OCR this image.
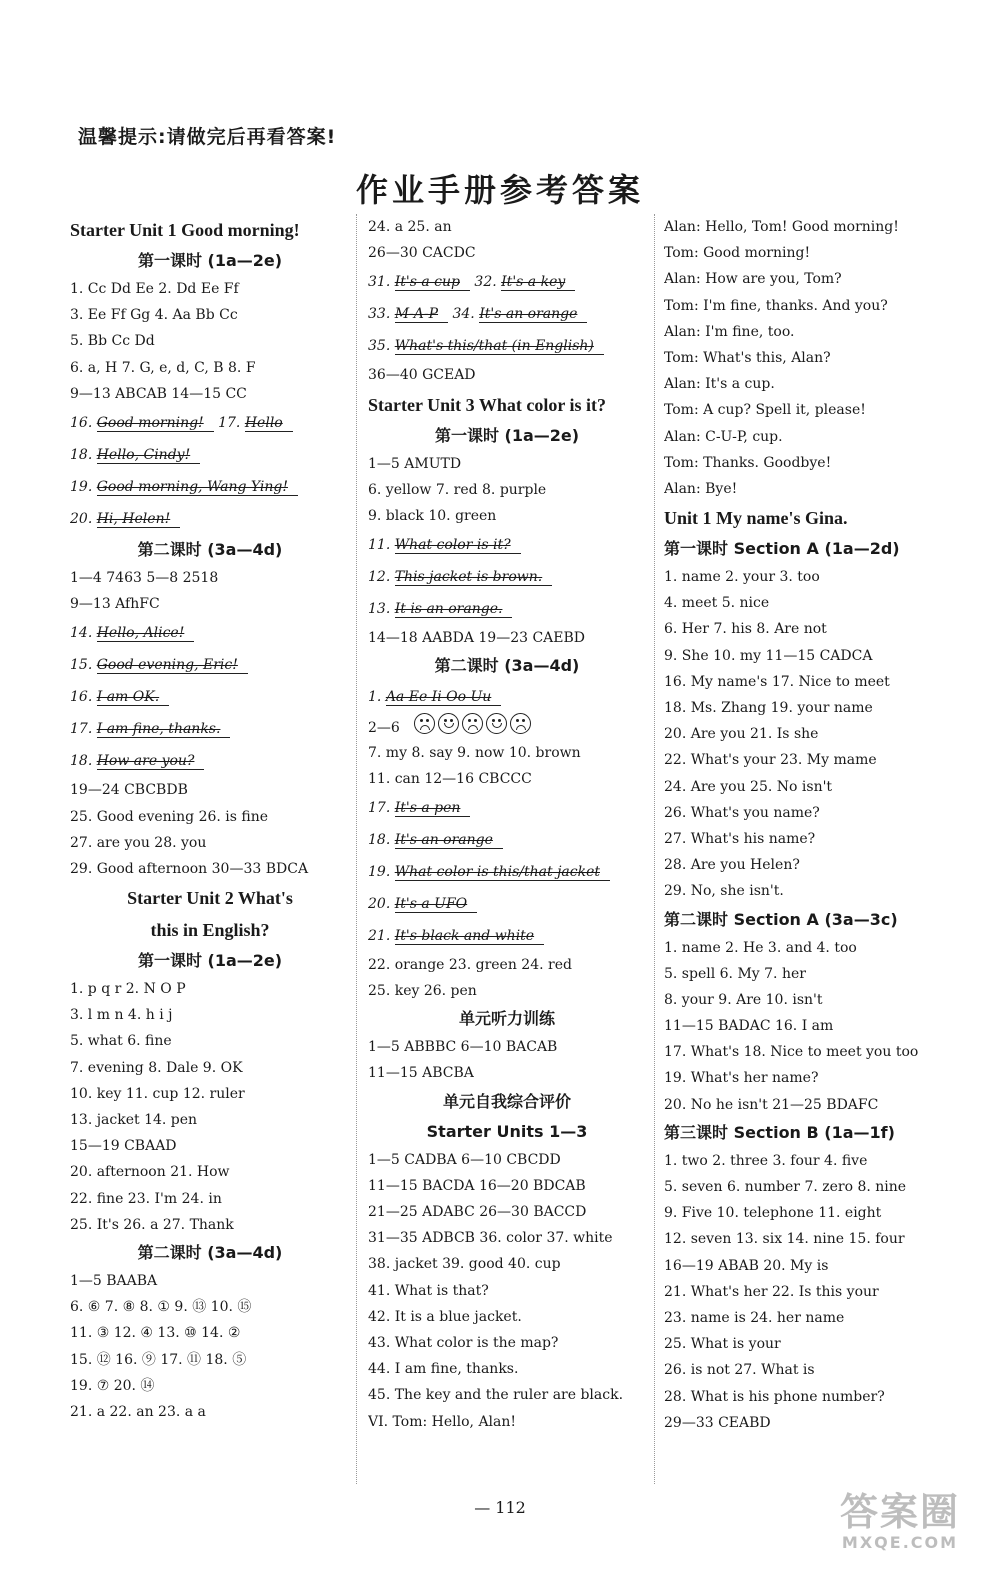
温馨提示:请做完后再看答案!
作业手册参考答案
Starter Unit 1 Good morning!
第一课时 (1a—2e)
1. Cc Dd Ee 2. Dd Ee Ff
3. Ee Ff Gg 4. Aa Bb Cc
5. Bb Cc Dd
6. a, H 7. G, e, d, C, B 8. F
9—13 ABCAB 14—15 CC
16. Good morning! 17. Hello
18. Hello, Cindy!
19. Good morning, Wang Ying!
20. Hi, Helen!
第二课时 (3a—4d)
1—4 7463 5—8 2518
9—13 AfhFC
14. Hello, Alice!
15. Good evening, Eric!
16. I am OK.
17. I am fine, thanks.
18. How are you?
19—24 CBCBDB
25. Good evening 26. is fine
27. are you 28. you
29. Good afternoon 30—33 BDCA
Starter Unit 2 What's
this in English?
第一课时 (1a—2e)
1. p q r 2. N O P
3. l m n 4. h i j
5. what 6. fine
7. evening 8. Dale 9. OK
10. key 11. cup 12. ruler
13. jacket 14. pen
15—19 CBAAD
20. afternoon 21. How
22. fine 23. I'm 24. in
25. It's 26. a 27. Thank
第二课时 (3a—4d)
1—5 BAABA
6. ⑥ 7. ⑧ 8. ① 9. ⑬ 10. ⑮
11. ③ 12. ④ 13. ⑩ 14. ②
15. ⑫ 16. ⑨ 17. ⑪ 18. ⑤
19. ⑦ 20. ⑭
21. a 22. an 23. a a
24. a 25. an
26—30 CACDC
31. It's a cup 32. It's a key
33. M-A-P 34. It's an orange
35. What's this/that (in English)
36—40 GCEAD
Starter Unit 3 What color is it?
第一课时 (1a—2e)
1—5 AMUTD
6. yellow 7. red 8. purple
9. black 10. green
11. What color is it?
12. This jacket is brown.
13. It is an orange.
14—18 AABDA 19—23 CAEBD
第二课时 (3a—4d)
1. Aa Ee Ii Oo Uu
2—6
7. my 8. say 9. now 10. brown
11. can 12—16 CBCCC
17. It's a pen
18. It's an orange
19. What color is this/that jacket
20. It's a UFO
21. It's black and white
22. orange 23. green 24. red
25. key 26. pen
单元听力训练
1—5 ABBBC 6—10 BACAB
11—15 ABCBA
单元自我综合评价
Starter Units 1—3
1—5 CADBA 6—10 CBCDD
11—15 BACDA 16—20 BDCAB
21—25 ADABC 26—30 BACCD
31—35 ADBCB 36. color 37. white
38. jacket 39. good 40. cup
41. What is that?
42. It is a blue jacket.
43. What color is the map?
44. I am fine, thanks.
45. The key and the ruler are black.
VI. Tom: Hello, Alan!
Alan: Hello, Tom! Good morning!
Tom: Good morning!
Alan: How are you, Tom?
Tom: I'm fine, thanks. And you?
Alan: I'm fine, too.
Tom: What's this, Alan?
Alan: It's a cup.
Tom: A cup? Spell it, please!
Alan: C-U-P, cup.
Tom: Thanks. Goodbye!
Alan: Bye!
Unit 1 My name's Gina.
第一课时 Section A (1a—2d)
1. name 2. your 3. too
4. meet 5. nice
6. Her 7. his 8. Are not
9. She 10. my 11—15 CADCA
16. My name's 17. Nice to meet
18. Ms. Zhang 19. your name
20. Are you 21. Is she
22. What's your 23. My mame
24. Are you 25. No isn't
26. What's you name?
27. What's his name?
28. Are you Helen?
29. No, she isn't.
第二课时 Section A (3a—3c)
1. name 2. He 3. and 4. too
5. spell 6. My 7. her
8. your 9. Are 10. isn't
11—15 BADAC 16. I am
17. What's 18. Nice to meet you too
19. What's her name?
20. No he isn't 21—25 BDAFC
第三课时 Section B (1a—1f)
1. two 2. three 3. four 4. five
5. seven 6. number 7. zero 8. nine
9. Five 10. telephone 11. eight
12. seven 13. six 14. nine 15. four
16—19 ABAB 20. My is
21. What's her 22. Is this your
23. name is 24. her name
25. What is your
26. is not 27. What is
28. What is his phone number?
29—33 CEABD
— 112	答案圈
MXQE.COM
